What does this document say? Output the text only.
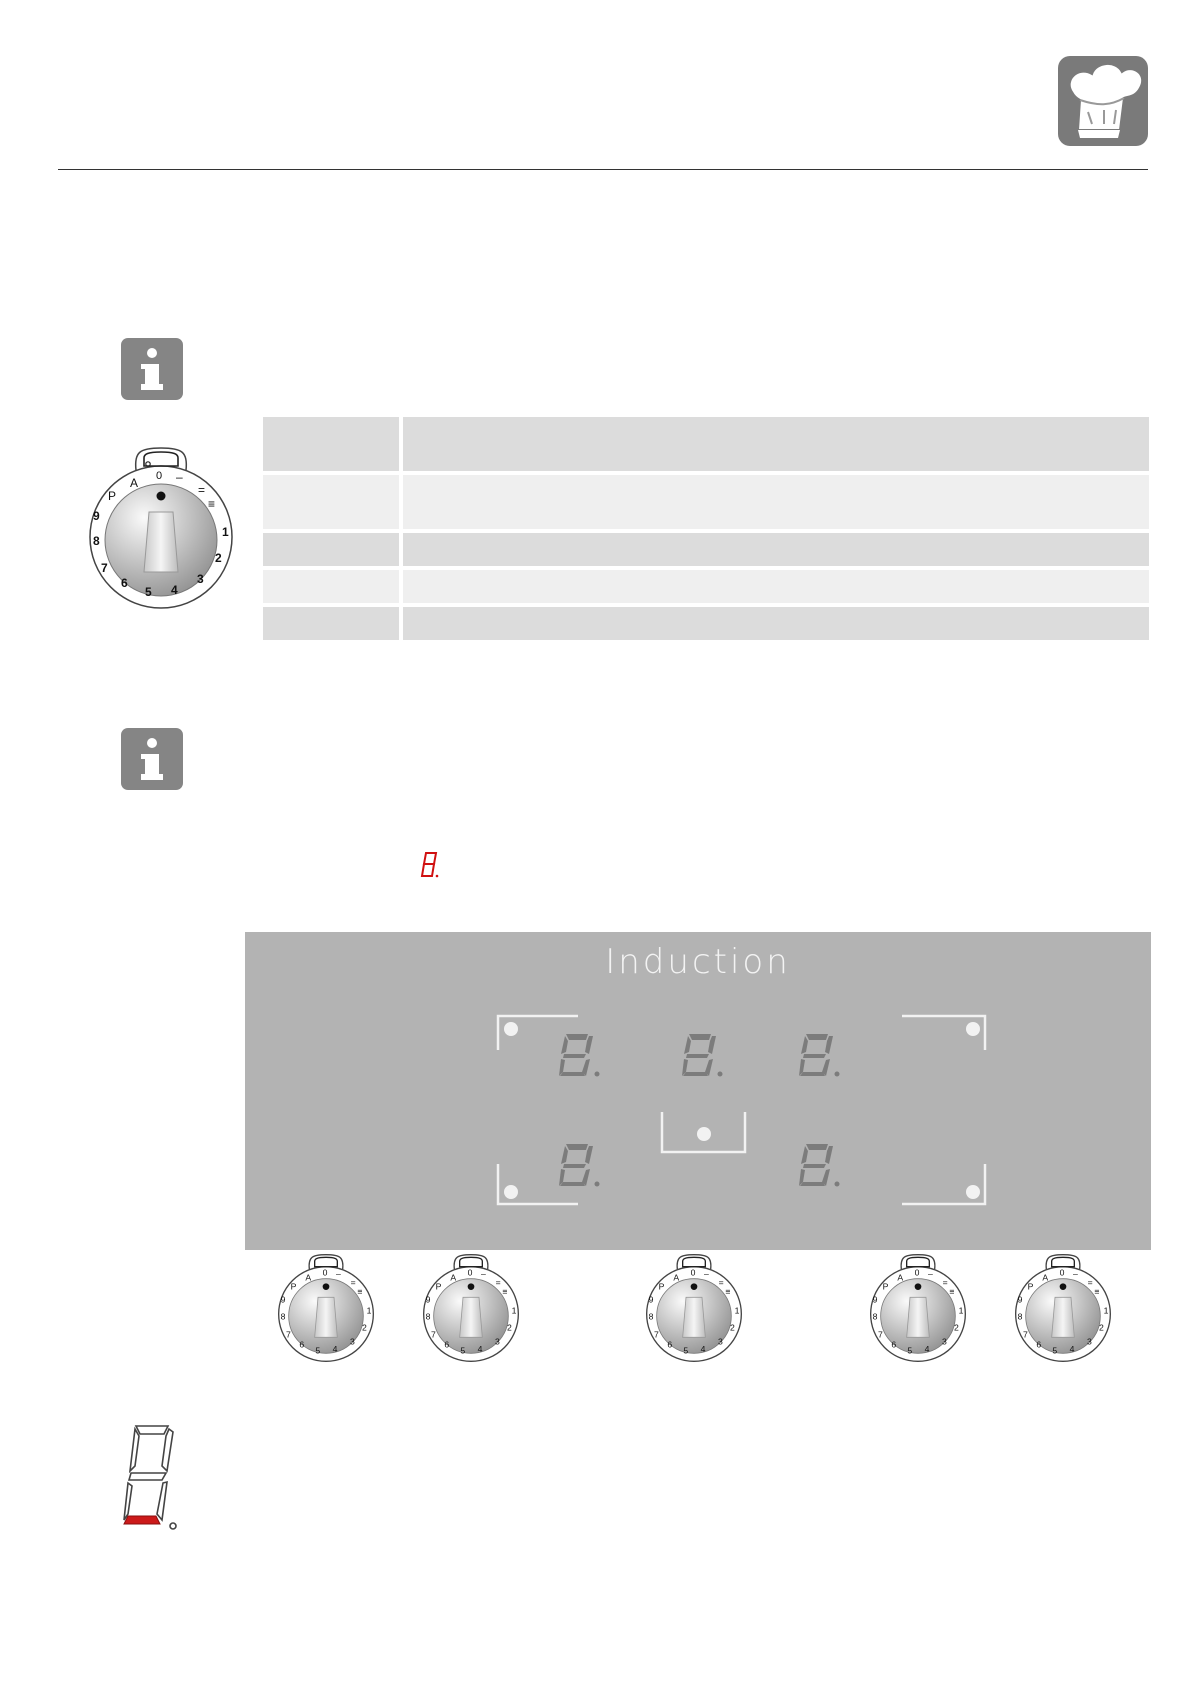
A 0 –
=
≡
1
2
3
4
5
6
7
8
9
P
Induction
